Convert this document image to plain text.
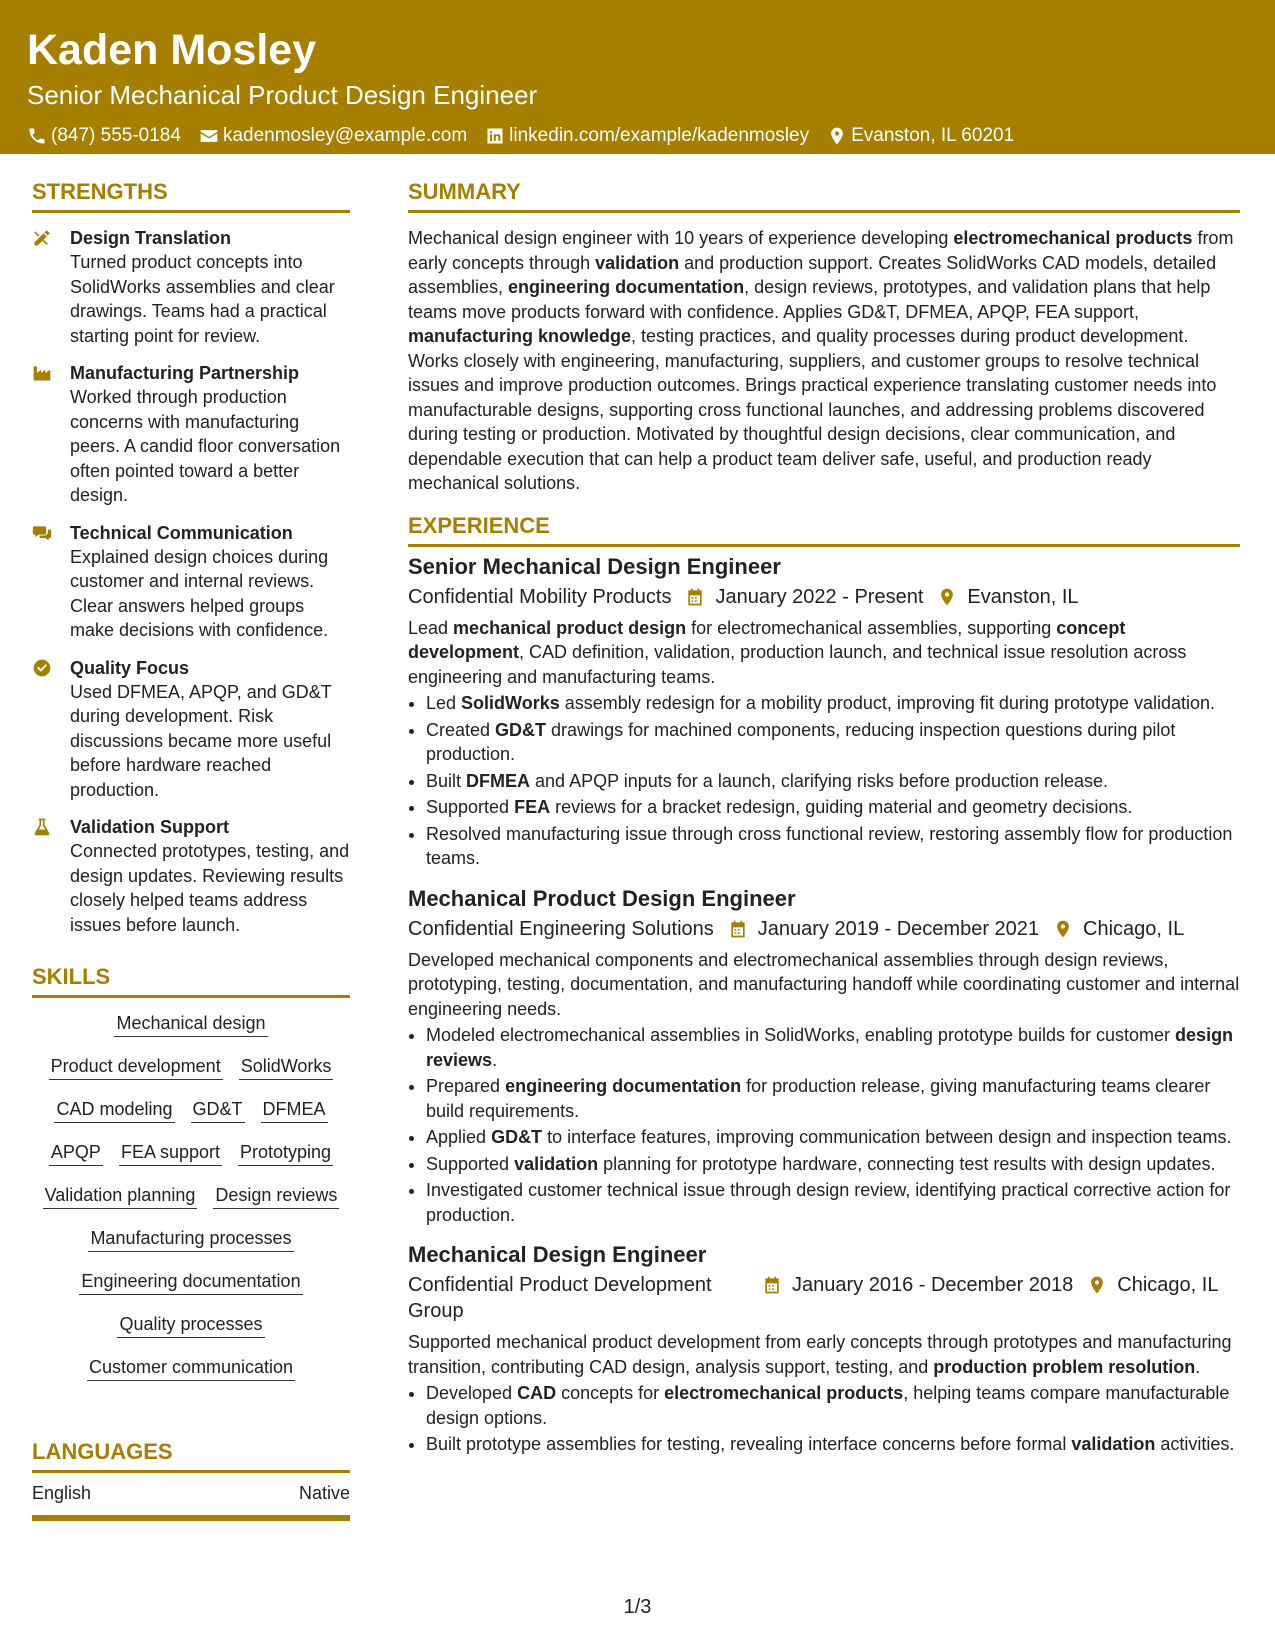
Kaden Mosley
Senior Mechanical Product Design Engineer
(847) 555-0184 kadenmosley@example.com linkedin.com/example/kadenmosley Evanston, IL 60201
STRENGTHS
Design Translation
Turned product concepts into SolidWorks assemblies and clear drawings. Teams had a practical starting point for review.
Manufacturing Partnership
Worked through production concerns with manufacturing peers. A candid floor conversation often pointed toward a better design.
Technical Communication
Explained design choices during customer and internal reviews. Clear answers helped groups make decisions with confidence.
Quality Focus
Used DFMEA, APQP, and GD&T during development. Risk discussions became more useful before hardware reached production.
Validation Support
Connected prototypes, testing, and design updates. Reviewing results closely helped teams address issues before launch.
SKILLS
Mechanical design
Product development SolidWorks
CAD modeling GD&T DFMEA
APQP FEA support Prototyping
Validation planning Design reviews
Manufacturing processes
Engineering documentation
Quality processes
Customer communication
LANGUAGES
English	Native
SUMMARY

Mechanical design engineer with 10 years of experience developing electromechanical products from early concepts through validation and production support. Creates SolidWorks CAD models, detailed assemblies, engineering documentation, design reviews, prototypes, and validation plans that help teams move products forward with confidence. Applies GD&T, DFMEA, APQP, FEA support, manufacturing knowledge, testing practices, and quality processes during product development. Works closely with engineering, manufacturing, suppliers, and customer groups to resolve technical issues and improve production outcomes. Brings practical experience translating customer needs into manufacturable designs, supporting cross functional launches, and addressing problems discovered during testing or production. Motivated by thoughtful design decisions, clear communication, and dependable execution that can help a product team deliver safe, useful, and production ready mechanical solutions.

EXPERIENCE
Senior Mechanical Design Engineer
Confidential Mobility Products January 2022 - Present Evanston, IL

Lead mechanical product design for electromechanical assemblies, supporting concept development, CAD definition, validation, production launch, and technical issue resolution across engineering and manufacturing teams.

• Led SolidWorks assembly redesign for a mobility product, improving fit during prototype validation.
• Created GD&T drawings for machined components, reducing inspection questions during pilot production.
• Built DFMEA and APQP inputs for a launch, clarifying risks before production release.
• Supported FEA reviews for a bracket redesign, guiding material and geometry decisions.
• Resolved manufacturing issue through cross functional review, restoring assembly flow for production teams.
Mechanical Product Design Engineer
Confidential Engineering Solutions January 2019 - December 2021 Chicago, IL

Developed mechanical components and electromechanical assemblies through design reviews, prototyping, testing, documentation, and manufacturing handoff while coordinating customer and internal engineering needs.

• Modeled electromechanical assemblies in SolidWorks, enabling prototype builds for customer design reviews.
• Prepared engineering documentation for production release, giving manufacturing teams clearer build requirements.
• Applied GD&T to interface features, improving communication between design and inspection teams.
• Supported validation planning for prototype hardware, connecting test results with design updates.
• Investigated customer technical issue through design review, identifying practical corrective action for production.
Mechanical Design Engineer
Confidential Product Development Group
January 2016 - December 2018 Chicago, IL

Supported mechanical product development from early concepts through prototypes and manufacturing transition, contributing CAD design, analysis support, testing, and production problem resolution.

• Developed CAD concepts for electromechanical products, helping teams compare manufacturable design options.
• Built prototype assemblies for testing, revealing interface concerns before formal validation activities.
1/3
